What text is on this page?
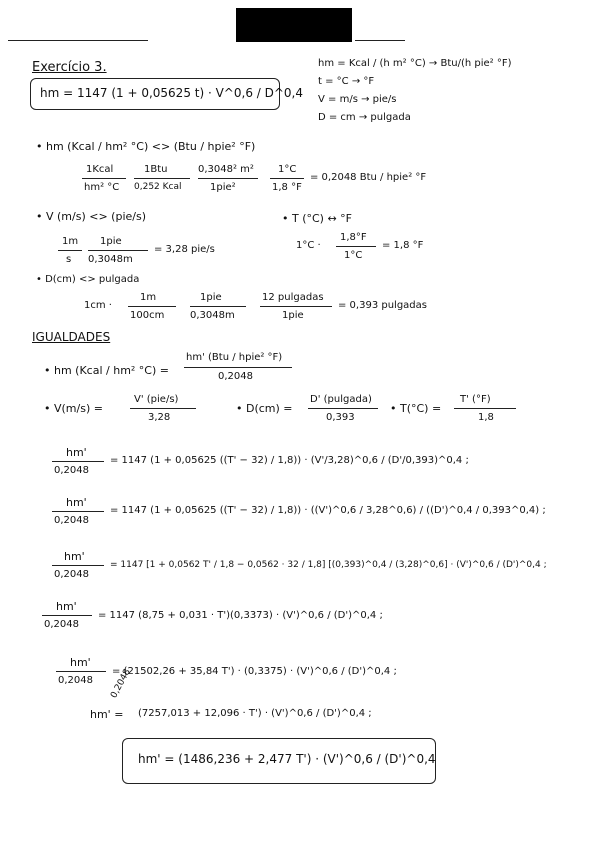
Exercício 3.
hm = 1147 (1 + 0,05625 t) · V^0,6 / D^0,4
hm = Kcal / (h m² °C) → Btu/(h pie² °F)
t = °C → °F
V = m/s → pie/s
D = cm → pulgada
• hm (Kcal / hm² °C) <> (Btu / hpie² °F)
1Kcal
hm² °C
1Btu
0,252 Kcal
0,3048² m²
1pie²
1°C
1,8 °F
= 0,2048 Btu / hpie² °F
• V (m/s) <> (pie/s)
1m
s
1pie
0,3048m
= 3,28 pie/s
• T (°C) ↔ °F
1°C ·
1,8°F
1°C
= 1,8 °F
• D(cm) <> pulgada
1cm ·
1m
100cm
1pie
0,3048m
12 pulgadas
1pie
= 0,393 pulgadas
IGUALDADES
• hm (Kcal / hm² °C) =
hm' (Btu / hpie² °F)
0,2048
• V(m/s) =
V' (pie/s)
3,28
• D(cm) =
D' (pulgada)
0,393
• T(°C) =
T' (°F)
1,8
hm'
0,2048
= 1147 (1 + 0,05625 ((T' − 32) / 1,8)) · (V'/3,28)^0,6 / (D'/0,393)^0,4 ;
hm'
0,2048
= 1147 (1 + 0,05625 ((T' − 32) / 1,8)) · ((V')^0,6 / 3,28^0,6) / ((D')^0,4 / 0,393^0,4) ;
hm'
0,2048
= 1147 [1 + 0,0562 T' / 1,8 − 0,0562 · 32 / 1,8] [(0,393)^0,4 / (3,28)^0,6] · (V')^0,6 / (D')^0,4 ;
hm'
0,2048
= 1147 (8,75 + 0,031 · T')(0,3373) · (V')^0,6 / (D')^0,4 ;
hm'
0,2048
= (21502,26 + 35,84 T') · (0,3375) · (V')^0,6 / (D')^0,4 ;
hm' =
0,2048
(7257,013 + 12,096 · T') · (V')^0,6 / (D')^0,4 ;
hm' = (1486,236 + 2,477 T') · (V')^0,6 / (D')^0,4
